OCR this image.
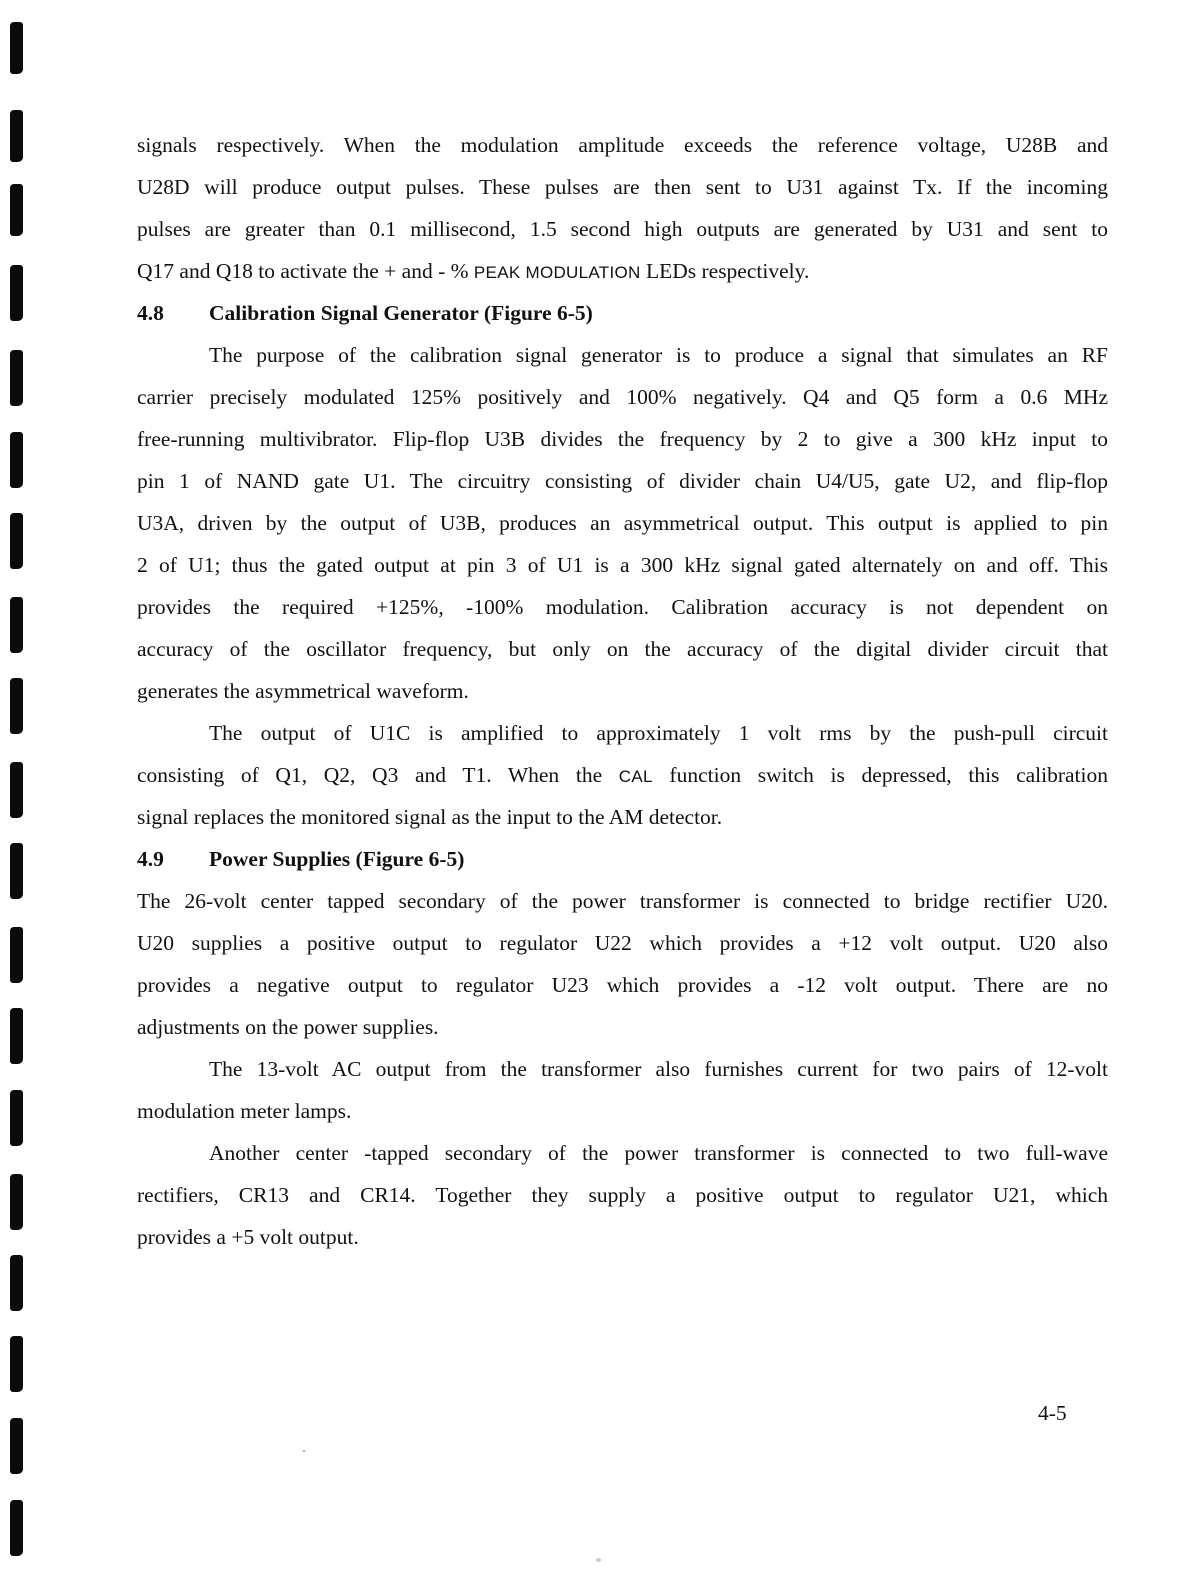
signals respectively. When the modulation amplitude exceeds the reference voltage, U28B and
U28D will produce output pulses. These pulses are then sent to U31 against Tx. If the incoming
pulses are greater than 0.1 millisecond, 1.5 second high outputs are generated by U31 and sent to
Q17 and Q18 to activate the + and - % PEAK MODULATION LEDs respectively.
4.8 Calibration Signal Generator (Figure 6-5)
The purpose of the calibration signal generator is to produce a signal that simulates an RF
carrier precisely modulated 125% positively and 100% negatively. Q4 and Q5 form a 0.6 MHz
free-running multivibrator. Flip-flop U3B divides the frequency by 2 to give a 300 kHz input to
pin 1 of NAND gate U1. The circuitry consisting of divider chain U4/U5, gate U2, and flip-flop
U3A, driven by the output of U3B, produces an asymmetrical output. This output is applied to pin
2 of U1; thus the gated output at pin 3 of U1 is a 300 kHz signal gated alternately on and off. This
provides the required +125%, -100% modulation. Calibration accuracy is not dependent on
accuracy of the oscillator frequency, but only on the accuracy of the digital divider circuit that
generates the asymmetrical waveform.
The output of U1C is amplified to approximately 1 volt rms by the push-pull circuit
consisting of Q1, Q2, Q3 and T1. When the CAL function switch is depressed, this calibration
signal replaces the monitored signal as the input to the AM detector.
4.9 Power Supplies (Figure 6-5)
The 26-volt center tapped secondary of the power transformer is connected to bridge rectifier U20.
U20 supplies a positive output to regulator U22 which provides a +12 volt output. U20 also
provides a negative output to regulator U23 which provides a -12 volt output. There are no
adjustments on the power supplies.
The 13-volt AC output from the transformer also furnishes current for two pairs of 12-volt
modulation meter lamps.
Another center -tapped secondary of the power transformer is connected to two full-wave
rectifiers, CR13 and CR14. Together they supply a positive output to regulator U21, which
provides a +5 volt output.
4-5
